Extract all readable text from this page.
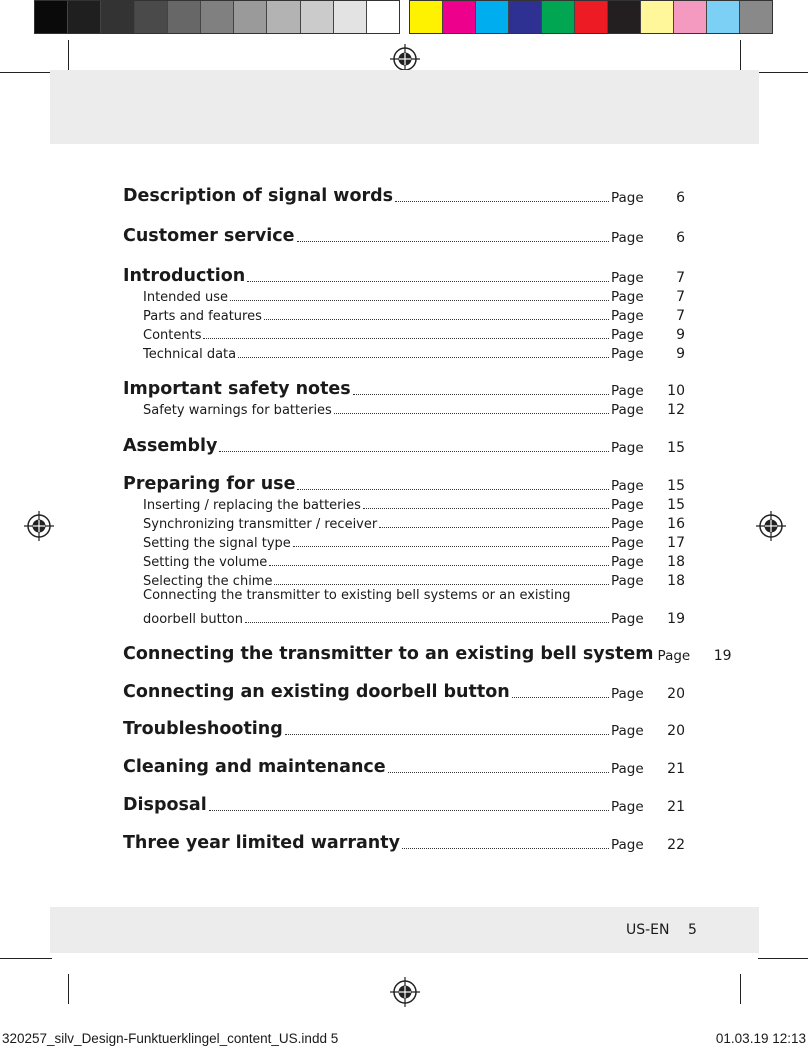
Description of signal words	Page	6
Customer service	Page	6
Introduction	Page	7
Intended use	Page	7
Parts and features	Page	7
Contents	Page	9
Technical data	Page	9
Important safety notes	Page	10
Safety warnings for batteries	Page	12
Assembly	Page	15
Preparing for use	Page	15
Inserting / replacing the batteries	Page	15
Synchronizing transmitter / receiver	Page	16
Setting the signal type	Page	17
Setting the volume	Page	18
Selecting the chime	Page	18
Connecting the transmitter to existing bell systems or an existing
doorbell button	Page	19
Connecting the transmitter to an existing bell system Page	19
Connecting an existing doorbell button	Page	20
Troubleshooting	Page	20
Cleaning and maintenance	Page	21
Disposal	Page	21
Three year limited warranty	Page	22
US-EN 5
320257_silv_Design-Funktuerklingel_content_US.indd 5	01.03.19 12:13
